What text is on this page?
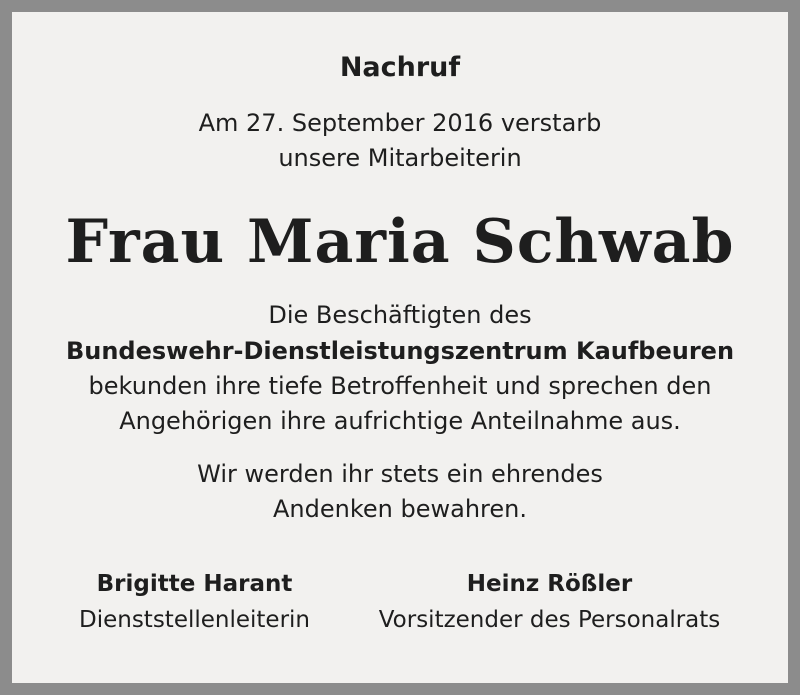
Nachruf
Am 27. September 2016 verstarb
unsere Mitarbeiterin
Frau Maria Schwab
Die Beschäftigten des
Bundeswehr-Dienstleistungszentrum Kaufbeuren
bekunden ihre tiefe Betroffenheit und sprechen den
Angehörigen ihre aufrichtige Anteilnahme aus.
Wir werden ihr stets ein ehrendes
Andenken bewahren.
Brigitte Harant
Dienststellenleiterin
Heinz Rößler
Vorsitzender des Personalrats
